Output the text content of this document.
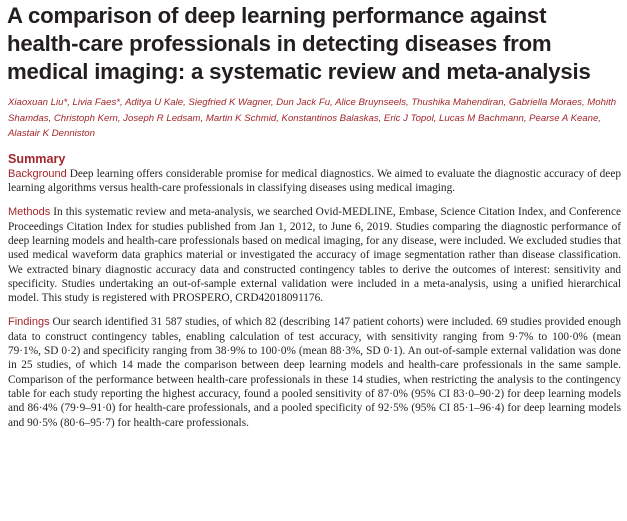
A comparison of deep learning performance against health-care professionals in detecting diseases from medical imaging: a systematic review and meta-analysis
Xiaoxuan Liu*, Livia Faes*, Aditya U Kale, Siegfried K Wagner, Dun Jack Fu, Alice Bruynseels, Thushika Mahendiran, Gabriella Moraes, Mohith Shamdas, Christoph Kern, Joseph R Ledsam, Martin K Schmid, Konstantinos Balaskas, Eric J Topol, Lucas M Bachmann, Pearse A Keane, Alastair K Denniston
Summary

Background Deep learning offers considerable promise for medical diagnostics. We aimed to evaluate the diagnostic accuracy of deep learning algorithms versus health-care professionals in classifying diseases using medical imaging.

Methods In this systematic review and meta-analysis, we searched Ovid-MEDLINE, Embase, Science Citation Index, and Conference Proceedings Citation Index for studies published from Jan 1, 2012, to June 6, 2019. Studies comparing the diagnostic performance of deep learning models and health-care professionals based on medical imaging, for any disease, were included. We excluded studies that used medical waveform data graphics material or investigated the accuracy of image segmentation rather than disease classification. We extracted binary diagnostic accuracy data and constructed contingency tables to derive the outcomes of interest: sensitivity and specificity. Studies undertaking an out-of-sample external validation were included in a meta-analysis, using a unified hierarchical model. This study is registered with PROSPERO, CRD42018091176.

Findings Our search identified 31 587 studies, of which 82 (describing 147 patient cohorts) were included. 69 studies provided enough data to construct contingency tables, enabling calculation of test accuracy, with sensitivity ranging from 9·7% to 100·0% (mean 79·1%, SD 0·2) and specificity ranging from 38·9% to 100·0% (mean 88·3%, SD 0·1). An out-of-sample external validation was done in 25 studies, of which 14 made the comparison between deep learning models and health-care professionals in the same sample. Comparison of the performance between health-care professionals in these 14 studies, when restricting the analysis to the contingency table for each study reporting the highest accuracy, found a pooled sensitivity of 87·0% (95% CI 83·0–90·2) for deep learning models and 86·4% (79·9–91·0) for health-care professionals, and a pooled specificity of 92·5% (95% CI 85·1–96·4) for deep learning models and 90·5% (80·6–95·7) for health-care professionals.
